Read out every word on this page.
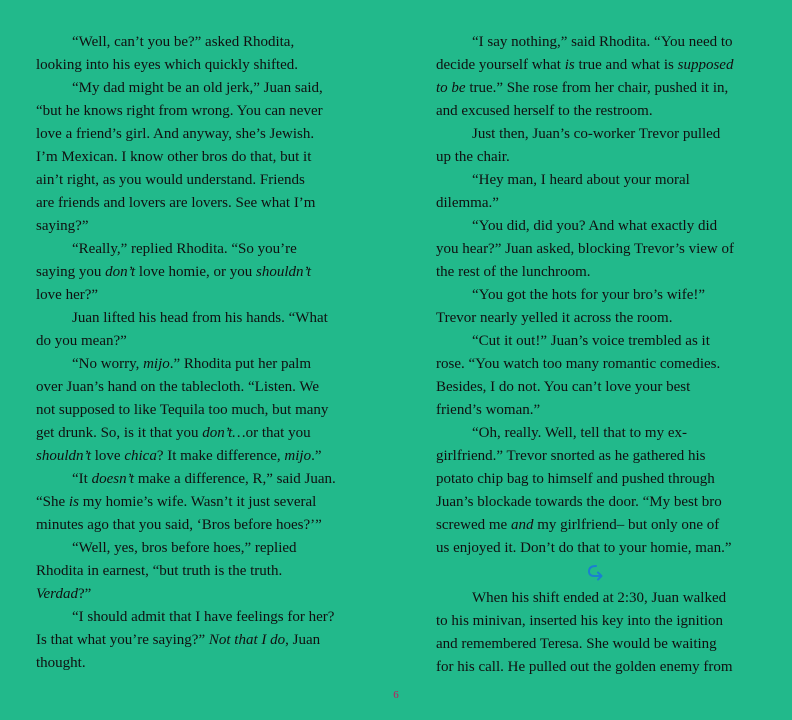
“Well, can’t you be?” asked Rhodita,
looking into his eyes which quickly shifted.
“My dad might be an old jerk,” Juan said,
“but he knows right from wrong. You can never
love a friend’s girl. And anyway, she’s Jewish.
I’m Mexican. I know other bros do that, but it
ain’t right, as you would understand. Friends
are friends and lovers are lovers. See what I’m
saying?”
“Really,” replied Rhodita. “So you’re
saying you don’t love homie, or you shouldn’t
love her?”
Juan lifted his head from his hands. “What
do you mean?”
“No worry, mijo.” Rhodita put her palm
over Juan’s hand on the tablecloth. “Listen. We
not supposed to like Tequila too much, but many
get drunk. So, is it that you don’t…or that you
shouldn’t love chica? It make difference, mijo.”
“It doesn’t make a difference, R,” said Juan.
“She is my homie’s wife. Wasn’t it just several
minutes ago that you said, ‘Bros before hoes?’”
“Well, yes, bros before hoes,” replied
Rhodita in earnest, “but truth is the truth.
Verdad?”
“I should admit that I have feelings for her?
Is that what you’re saying?” Not that I do, Juan
thought.
“I say nothing,” said Rhodita. “You need to
decide yourself what is true and what is supposed
to be true.” She rose from her chair, pushed it in,
and excused herself to the restroom.
Just then, Juan’s co-worker Trevor pulled
up the chair.
“Hey man, I heard about your moral
dilemma.”
“You did, did you? And what exactly did
you hear?” Juan asked, blocking Trevor’s view of
the rest of the lunchroom.
“You got the hots for your bro’s wife!”
Trevor nearly yelled it across the room.
“Cut it out!” Juan’s voice trembled as it
rose. “You watch too many romantic comedies.
Besides, I do not. You can’t love your best
friend’s woman.”
“Oh, really. Well, tell that to my ex-
girlfriend.” Trevor snorted as he gathered his
potato chip bag to himself and pushed through
Juan’s blockade towards the door. “My best bro
screwed me and my girlfriend– but only one of
us enjoyed it. Don’t do that to your homie, man.”
When his shift ended at 2:30, Juan walked
to his minivan, inserted his key into the ignition
and remembered Teresa. She would be waiting
for his call. He pulled out the golden enemy from
6
